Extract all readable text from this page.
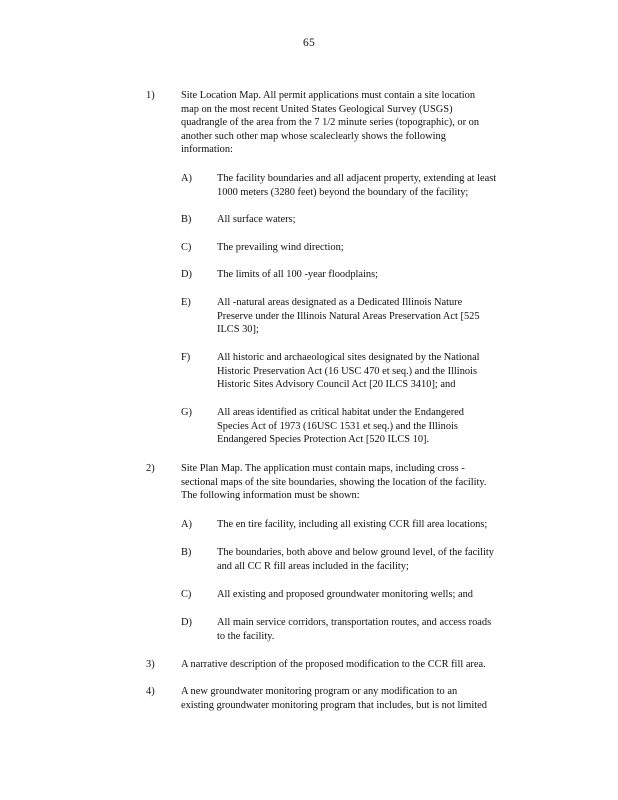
65
1)	Site Location Map. All permit applications must contain a site location
map on the most recent United States Geological Survey (USGS)
quadrangle of the area from the 7 1/2 minute series (topographic), or on
another such other map whose scaleclearly shows the following
information:
A) The facility boundaries and all adjacent property, extending at least
1000 meters (3280 feet) beyond the boundary of the facility;
B) All surface waters;
C) The prevailing wind direction;
D) The limits of all 100 -year floodplains;
E)	All -natural areas designated as a Dedicated Illinois Nature
Preserve under the Illinois Natural Areas Preservation Act [525
ILCS 30];
F)	All historic and archaeological sites designated by the National
Historic Preservation Act (16 USC 470 et seq.) and the Illinois
Historic Sites Advisory Council Act [20 ILCS 3410]; and
G) All areas identified as critical habitat under the Endangered
Species Act of 1973 (16USC 1531 et seq.) and the Illinois
Endangered Species Protection Act [520 ILCS 10].
2)	Site Plan Map. The application must contain maps, including cross -
sectional maps of the site boundaries, showing the location of the facility.
The following information must be shown:
A) The en tire facility, including all existing CCR fill area locations;
B) The boundaries, both above and below ground level, of the facility
and all CC R fill areas included in the facility;
C) All existing and proposed groundwater monitoring wells; and
D) All main service corridors, transportation routes, and access roads
to the facility.
3)	A narrative description of the proposed modification to the CCR fill area.
4)	A new groundwater monitoring program or any modification to an
existing groundwater monitoring program that includes, but is not limited
